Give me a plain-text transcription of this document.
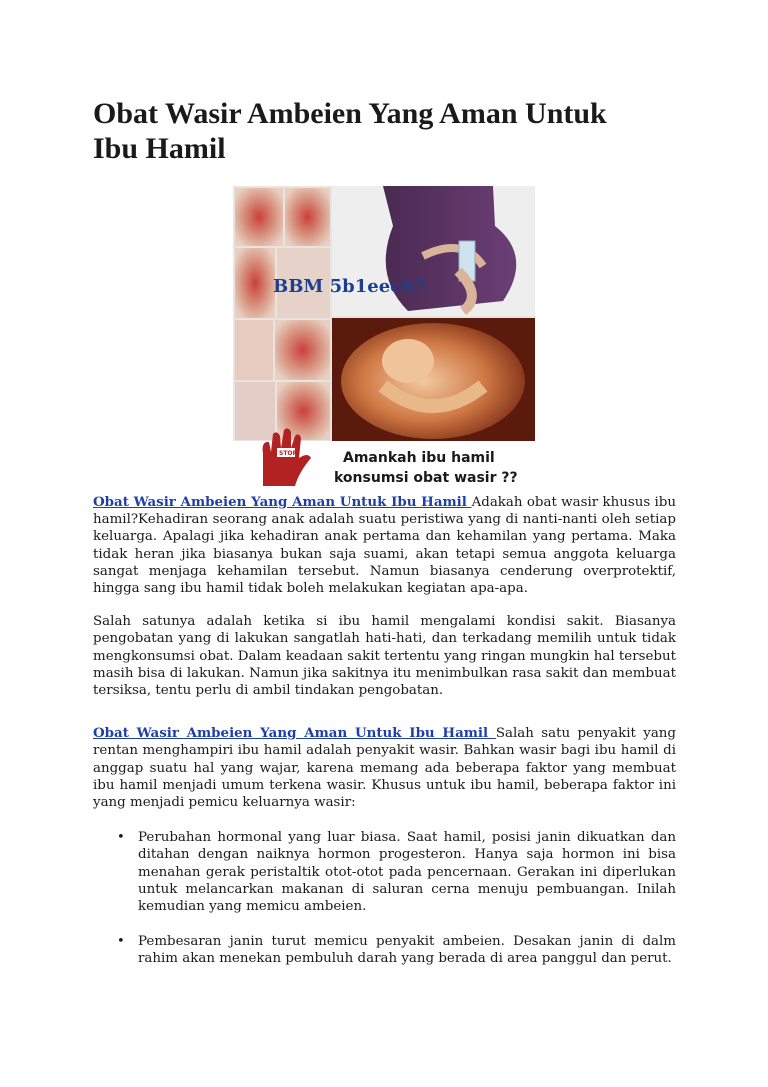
Obat Wasir Ambeien Yang Aman Untuk Ibu Hamil
BBM 5b1eec67
STOP	Amankah ibu hamil
konsumsi obat wasir ??

Obat Wasir Ambeien Yang Aman Untuk Ibu Hamil Adakah obat wasir khusus ibu hamil?Kehadiran seorang anak adalah suatu peristiwa yang di nanti-nanti oleh setiap keluarga. Apalagi jika kehadiran anak pertama dan kehamilan yang pertama. Maka tidak heran jika biasanya bukan saja suami, akan tetapi semua anggota keluarga sangat menjaga kehamilan tersebut. Namun biasanya cenderung overprotektif, hingga sang ibu hamil tidak boleh melakukan kegiatan apa-apa.

Salah satunya adalah ketika si ibu hamil mengalami kondisi sakit. Biasanya pengobatan yang di lakukan sangatlah hati-hati, dan terkadang memilih untuk tidak mengkonsumsi obat. Dalam keadaan sakit tertentu yang ringan mungkin hal tersebut masih bisa di lakukan. Namun jika sakitnya itu menimbulkan rasa sakit dan membuat tersiksa, tentu perlu di ambil tindakan pengobatan.

Obat Wasir Ambeien Yang Aman Untuk Ibu Hamil Salah satu penyakit yang rentan menghampiri ibu hamil adalah penyakit wasir. Bahkan wasir bagi ibu hamil di anggap suatu hal yang wajar, karena memang ada beberapa faktor yang membuat ibu hamil menjadi umum terkena wasir. Khusus untuk ibu hamil, beberapa faktor ini yang menjadi pemicu keluarnya wasir:

• Perubahan hormonal yang luar biasa. Saat hamil, posisi janin dikuatkan dan ditahan dengan naiknya hormon progesteron. Hanya saja hormon ini bisa menahan gerak peristaltik otot-otot pada pencernaan. Gerakan ini diperlukan untuk melancarkan makanan di saluran cerna menuju pembuangan. Inilah kemudian yang memicu ambeien.
• Pembesaran janin turut memicu penyakit ambeien. Desakan janin di dalm rahim akan menekan pembuluh darah yang berada di area panggul dan perut.
